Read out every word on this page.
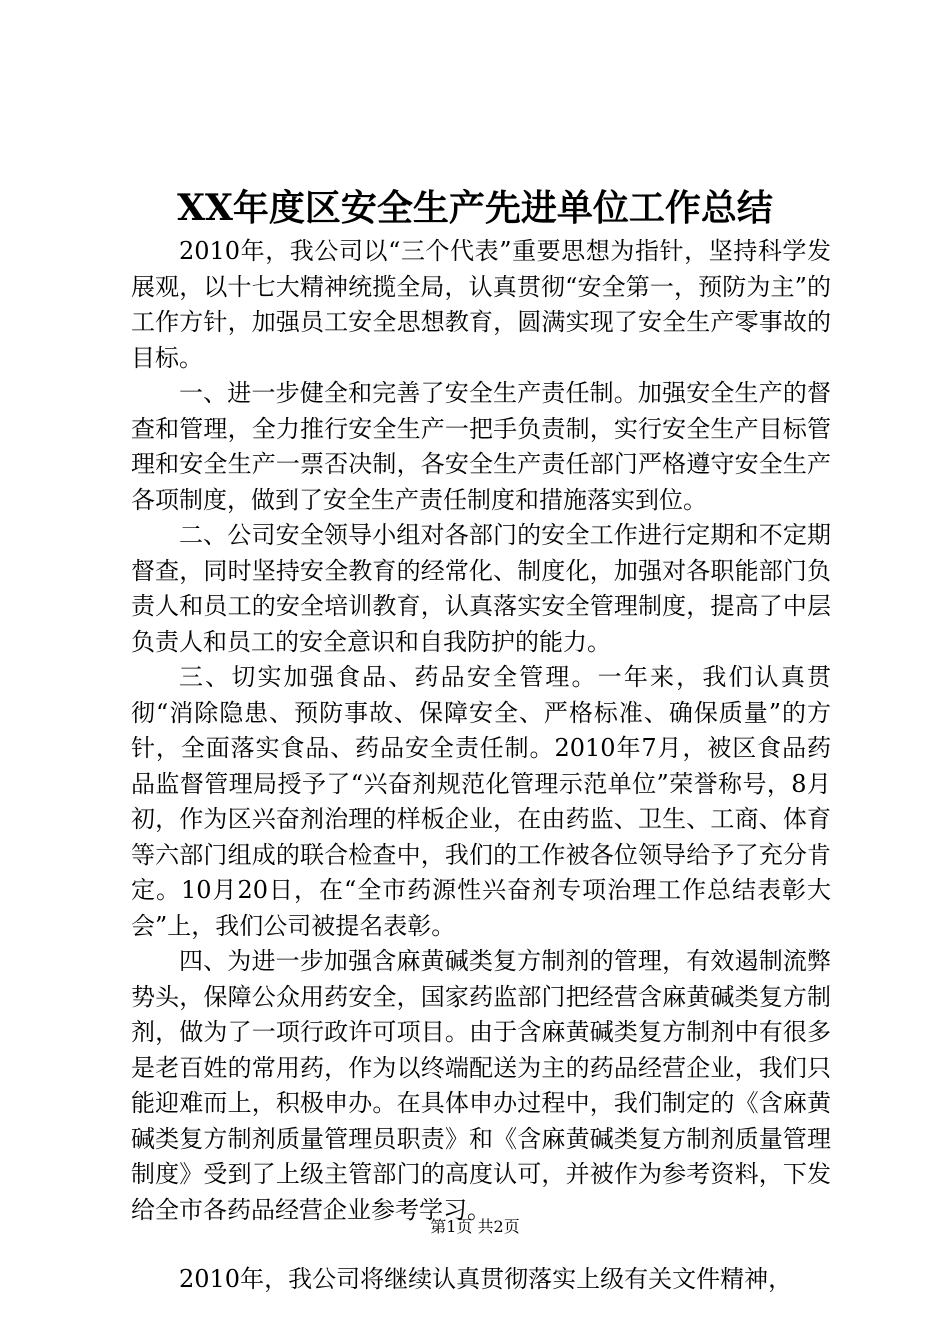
XX年度区安全生产先进单位工作总结

2010年，我公司以“三个代表”重要思想为指针，坚持科学发展观，以十七大精神统揽全局，认真贯彻“安全第一，预防为主”的工作方针，加强员工安全思想教育，圆满实现了安全生产零事故的目标。

一、进一步健全和完善了安全生产责任制。加强安全生产的督查和管理，全力推行安全生产一把手负责制，实行安全生产目标管理和安全生产一票否决制，各安全生产责任部门严格遵守安全生产各项制度，做到了安全生产责任制度和措施落实到位。

二、公司安全领导小组对各部门的安全工作进行定期和不定期督查，同时坚持安全教育的经常化、制度化，加强对各职能部门负责人和员工的安全培训教育，认真落实安全管理制度，提高了中层负责人和员工的安全意识和自我防护的能力。

三、切实加强食品、药品安全管理。一年来，我们认真贯彻“消除隐患、预防事故、保障安全、严格标准、确保质量”的方针，全面落实食品、药品安全责任制。2010年7月，被区食品药品监督管理局授予了“兴奋剂规范化管理示范单位”荣誉称号，8月初，作为区兴奋剂治理的样板企业，在由药监、卫生、工商、体育等六部门组成的联合检查中，我们的工作被各位领导给予了充分肯定。10月20日，在“全市药源性兴奋剂专项治理工作总结表彰大会”上，我们公司被提名表彰。

四、为进一步加强含麻黄碱类复方制剂的管理，有效遏制流弊势头，保障公众用药安全，国家药监部门把经营含麻黄碱类复方制剂，做为了一项行政许可项目。由于含麻黄碱类复方制剂中有很多是老百姓的常用药，作为以终端配送为主的药品经营企业，我们只能迎难而上，积极申办。在具体申办过程中，我们制定的《含麻黄碱类复方制剂质量管理员职责》和《含麻黄碱类复方制剂质量管理制度》受到了上级主管部门的高度认可，并被作为参考资料，下发给全市各药品经营企业参考学习。

2010年，我公司将继续认真贯彻落实上级有关文件精神，

第1页 共2页
